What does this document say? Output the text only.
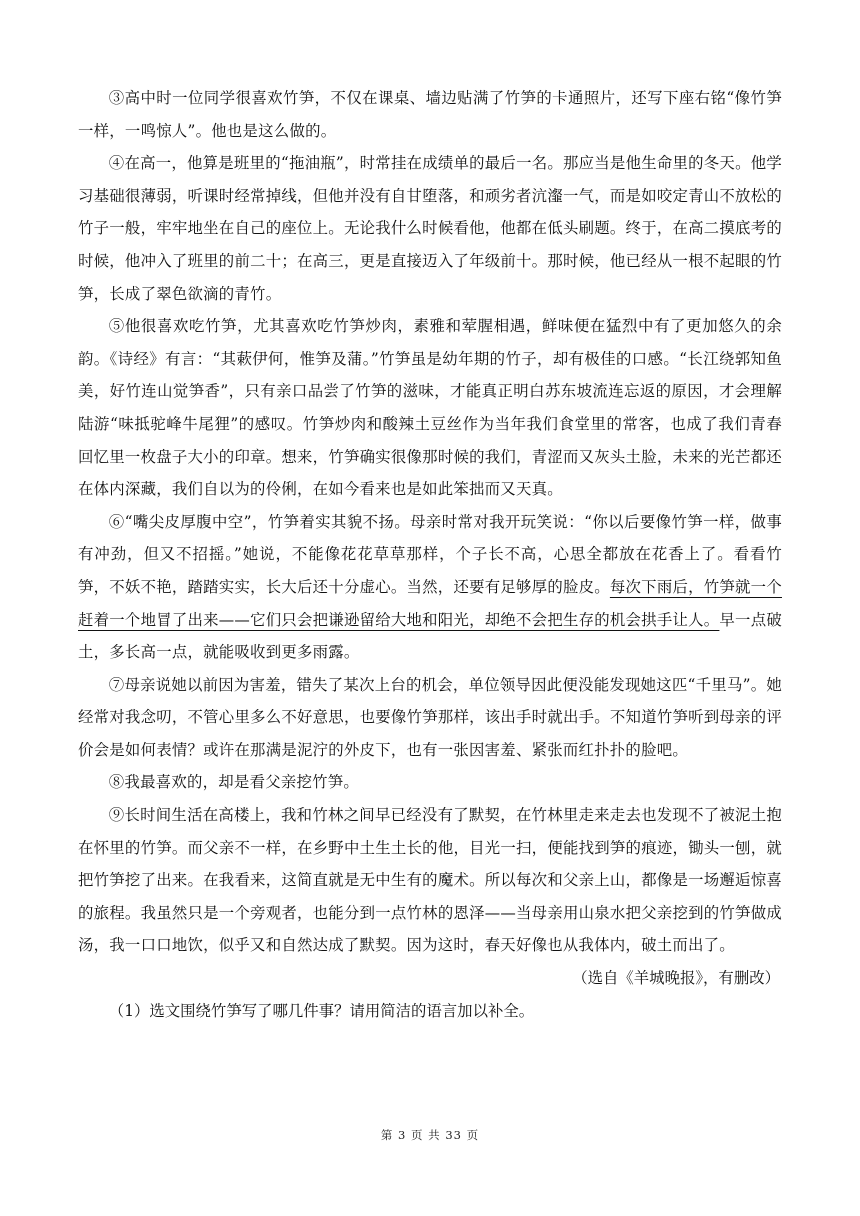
③高中时一位同学很喜欢竹笋，不仅在课桌、墙边贴满了竹笋的卡通照片，还写下座右铭“像竹笋一样，一鸣惊人”。他也是这么做的。

④在高一，他算是班里的“拖油瓶”，时常挂在成绩单的最后一名。那应当是他生命里的冬天。他学习基础很薄弱，听课时经常掉线，但他并没有自甘堕落，和顽劣者沆瀣一气，而是如咬定青山不放松的竹子一般，牢牢地坐在自己的座位上。无论我什么时候看他，他都在低头刷题。终于，在高二摸底考的时候，他冲入了班里的前二十；在高三，更是直接迈入了年级前十。那时候，他已经从一根不起眼的竹笋，长成了翠色欲滴的青竹。

⑤他很喜欢吃竹笋，尤其喜欢吃竹笋炒肉，素雅和荤腥相遇，鲜味便在猛烈中有了更加悠久的余韵。《诗经》有言：“其蔌伊何，惟笋及蒲。”竹笋虽是幼年期的竹子，却有极佳的口感。“长江绕郭知鱼美，好竹连山觉笋香”，只有亲口品尝了竹笋的滋味，才能真正明白苏东坡流连忘返的原因，才会理解陆游“味抵驼峰牛尾狸”的感叹。竹笋炒肉和酸辣土豆丝作为当年我们食堂里的常客，也成了我们青春回忆里一枚盘子大小的印章。想来，竹笋确实很像那时候的我们，青涩而又灰头土脸，未来的光芒都还在体内深藏，我们自以为的伶俐，在如今看来也是如此笨拙而又天真。

⑥“嘴尖皮厚腹中空”，竹笋着实其貌不扬。母亲时常对我开玩笑说：“你以后要像竹笋一样，做事有冲劲，但又不招摇。”她说，不能像花花草草那样，个子长不高，心思全都放在花香上了。看看竹笋，不妖不艳，踏踏实实，长大后还十分虚心。当然，还要有足够厚的脸皮。每次下雨后，竹笋就一个赶着一个地冒了出来——它们只会把谦逊留给大地和阳光，却绝不会把生存的机会拱手让人。早一点破土，多长高一点，就能吸收到更多雨露。

⑦母亲说她以前因为害羞，错失了某次上台的机会，单位领导因此便没能发现她这匹“千里马”。她经常对我念叨，不管心里多么不好意思，也要像竹笋那样，该出手时就出手。不知道竹笋听到母亲的评价会是如何表情？或许在那满是泥泞的外皮下，也有一张因害羞、紧张而红扑扑的脸吧。

⑧我最喜欢的，却是看父亲挖竹笋。

⑨长时间生活在高楼上，我和竹林之间早已经没有了默契，在竹林里走来走去也发现不了被泥土抱在怀里的竹笋。而父亲不一样，在乡野中土生土长的他，目光一扫，便能找到笋的痕迹，锄头一刨，就把竹笋挖了出来。在我看来，这简直就是无中生有的魔术。所以每次和父亲上山，都像是一场邂逅惊喜的旅程。我虽然只是一个旁观者，也能分到一点竹林的恩泽——当母亲用山泉水把父亲挖到的竹笋做成汤，我一口口地饮，似乎又和自然达成了默契。因为这时，春天好像也从我体内，破土而出了。

（选自《羊城晚报》，有删改）

（1）选文围绕竹笋写了哪几件事？请用简洁的语言加以补全。

第 3 页 共 33 页
